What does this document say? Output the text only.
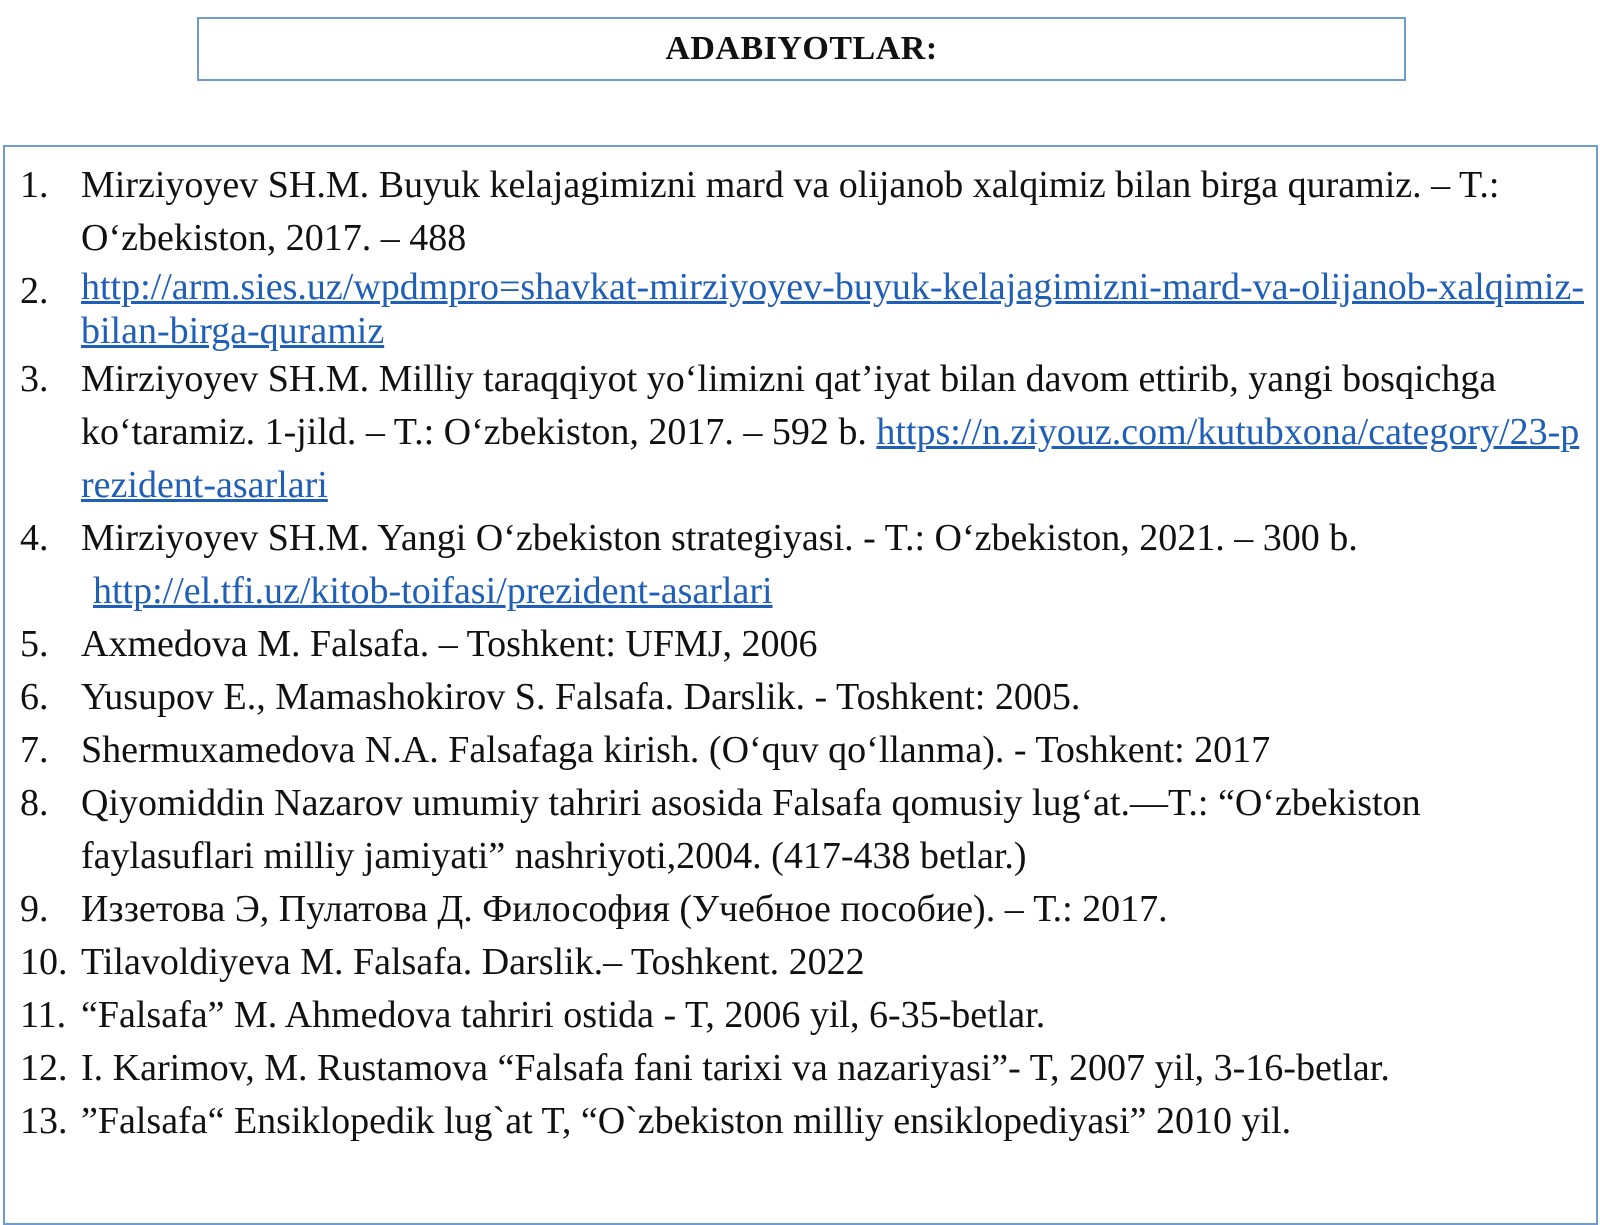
ADABIYOTLAR:
1. Mirziyoyev SH.M. Buyuk kelajagimizni mard va olijanob xalqimiz bilan birga quramiz. – T.: O‘zbekiston, 2017. – 488
2. http://arm.sies.uz/wpdmpro=shavkat-mirziyoyev-buyuk-kelajagimizni-mard-va-olijanob-xalqimiz-bilan-birga-quramiz
3. Mirziyoyev SH.M. Milliy taraqqiyot yo‘limizni qat’iyat bilan davom ettirib, yangi bosqichga ko‘taramiz. 1-jild. – T.: O‘zbekiston, 2017. – 592 b. https://n.ziyouz.com/kutubxona/category/23-prezident-asarlari
4. Mirziyoyev SH.M. Yangi O‘zbekiston strategiyasi. - T.: O‘zbekiston, 2021. – 300 b.
http://el.tfi.uz/kitob-toifasi/prezident-asarlari
5. Axmedova M. Falsafa. – Toshkent: UFMJ, 2006
6. Yusupov E., Mamashokirov S. Falsafa. Darslik. - Toshkent: 2005.
7. Shermuxamedova N.A. Falsafaga kirish. (O‘quv qo‘llanma). - Toshkent: 2017
8. Qiyomiddin Nazarov umumiy tahriri asosida Falsafa qomusiy lug‘at.—T.: “O‘zbekiston faylasuflari milliy jamiyati” nashriyoti,2004. (417-438 betlar.)
9. Иззетова Э, Пулатова Д. Философия (Учебное пособие). – Т.: 2017.
10. Tilavoldiyeva M. Falsafa. Darslik.– Toshkent. 2022
11. “Falsafa” M. Ahmedova tahriri ostida - T, 2006 yil, 6-35-betlar.
12. I. Karimov, M. Rustamova “Falsafa fani tarixi va nazariyasi”- T, 2007 yil, 3-16-betlar.
13. ”Falsafa“ Ensiklopedik lug`at T, “O`zbekiston milliy ensiklopediyasi” 2010 yil.
